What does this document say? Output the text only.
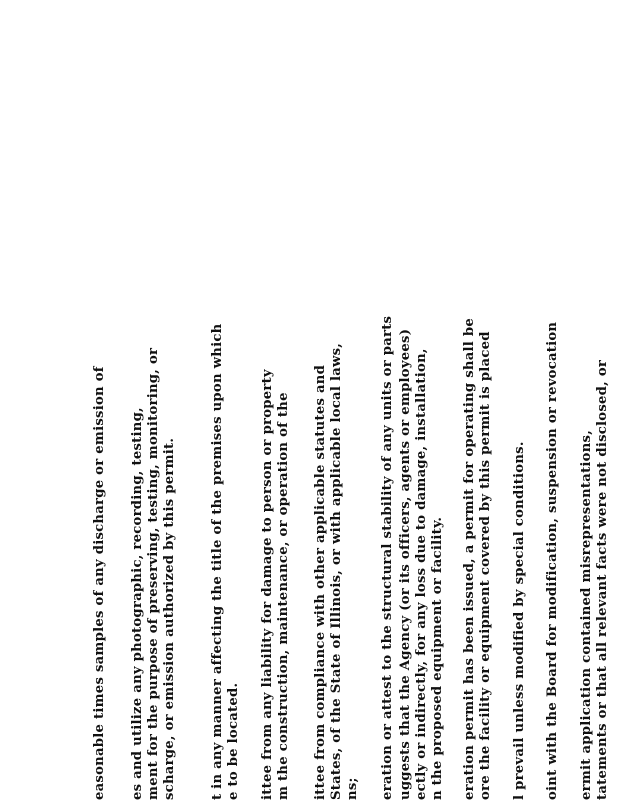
easonable times samples of any discharge or emission of es and utilize any photographic, recording, testing, ment for the purpose of preserving, testing, monitoring, or scharge, or emission authorized by this permit.	t in any manner affecting the title of the premises upon which e to be located. ittee from any liability for damage to person or property m the construction, maintenance, or operation of the ittee from compliance with other applicable statutes and States, of the State of Illinois, or with applicable local laws, ns; eration or attest to the structural stability of any units or parts uggests that the Agency (or its officers, agents or employees) ectly or indirectly, for any loss due to damage, installation, n the proposed equipment or facility. eration permit has been issued, a permit for operating shall be ore the facility or equipment covered by this permit is placed l prevail unless modified by special conditions. oint with the Board for modification, suspension or revocation ermit application contained misrepresentations, tatements or that all relevant facts were not disclosed, or
